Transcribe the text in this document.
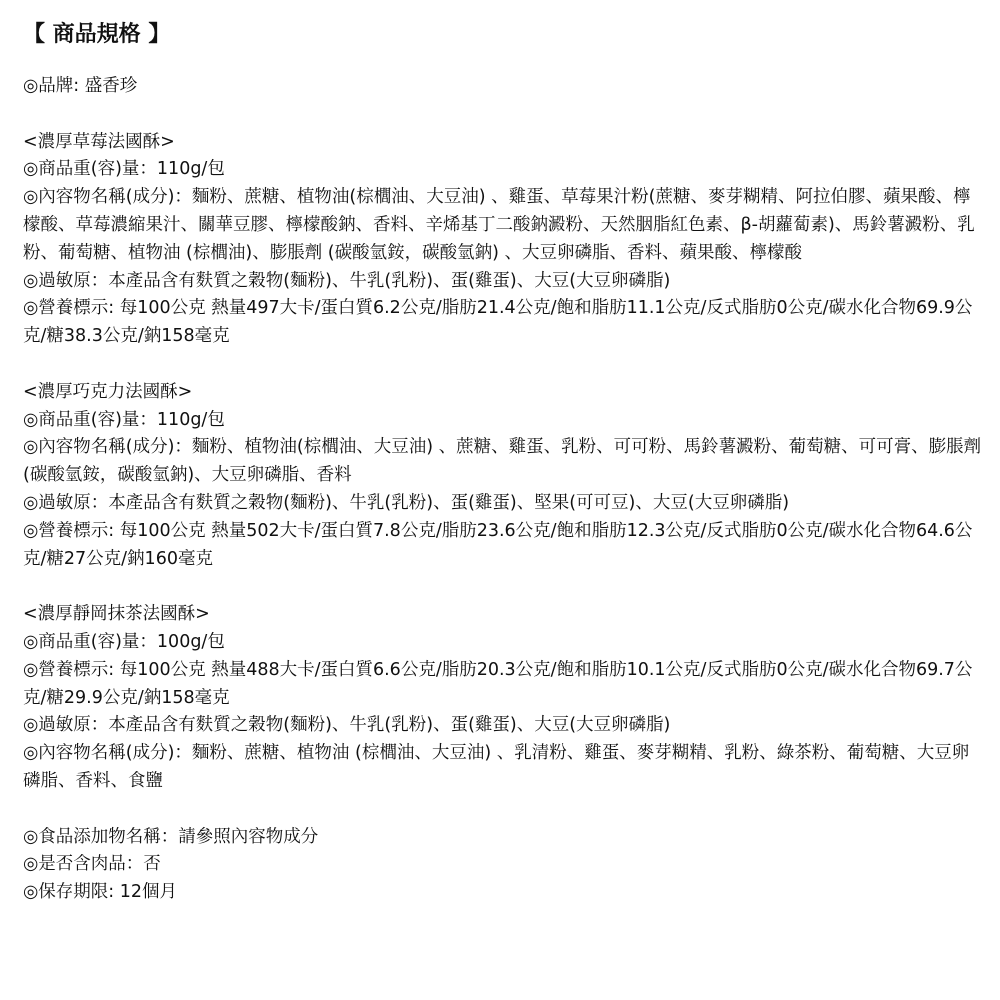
【 商品規格 】
◎品牌: 盛香珍
<濃厚草莓法國酥>
◎商品重(容)量：110g/包
◎內容物名稱(成分)：麵粉、蔗糖、植物油(棕櫚油、大豆油) 、雞蛋、草莓果汁粉(蔗糖、麥芽糊精、阿拉伯膠、蘋果酸、檸檬酸、草莓濃縮果汁、關華豆膠、檸檬酸鈉、香料、辛烯基丁二酸鈉澱粉、天然胭脂紅色素、β-胡蘿蔔素)、馬鈴薯澱粉、乳粉、葡萄糖、植物油 (棕櫚油)、膨脹劑 (碳酸氫銨，碳酸氫鈉) 、大豆卵磷脂、香料、蘋果酸、檸檬酸
◎過敏原：本產品含有麩質之穀物(麵粉)、牛乳(乳粉)、蛋(雞蛋)、大豆(大豆卵磷脂)
◎營養標示: 每100公克 熱量497大卡/蛋白質6.2公克/脂肪21.4公克/飽和脂肪11.1公克/反式脂肪0公克/碳水化合物69.9公克/糖38.3公克/鈉158毫克
<濃厚巧克力法國酥>
◎商品重(容)量：110g/包
◎內容物名稱(成分)：麵粉、植物油(棕櫚油、大豆油) 、蔗糖、雞蛋、乳粉、可可粉、馬鈴薯澱粉、葡萄糖、可可膏、膨脹劑 (碳酸氫銨，碳酸氫鈉)、大豆卵磷脂、香料
◎過敏原：本產品含有麩質之穀物(麵粉)、牛乳(乳粉)、蛋(雞蛋)、堅果(可可豆)、大豆(大豆卵磷脂)
◎營養標示: 每100公克 熱量502大卡/蛋白質7.8公克/脂肪23.6公克/飽和脂肪12.3公克/反式脂肪0公克/碳水化合物64.6公克/糖27公克/鈉160毫克
<濃厚靜岡抹茶法國酥>
◎商品重(容)量：100g/包
◎營養標示: 每100公克 熱量488大卡/蛋白質6.6公克/脂肪20.3公克/飽和脂肪10.1公克/反式脂肪0公克/碳水化合物69.7公克/糖29.9公克/鈉158毫克
◎過敏原：本產品含有麩質之穀物(麵粉)、牛乳(乳粉)、蛋(雞蛋)、大豆(大豆卵磷脂)
◎內容物名稱(成分)：麵粉、蔗糖、植物油 (棕櫚油、大豆油) 、乳清粉、雞蛋、麥芽糊精、乳粉、綠茶粉、葡萄糖、大豆卵磷脂、香料、食鹽
◎食品添加物名稱：請參照內容物成分
◎是否含肉品：否
◎保存期限: 12個月
